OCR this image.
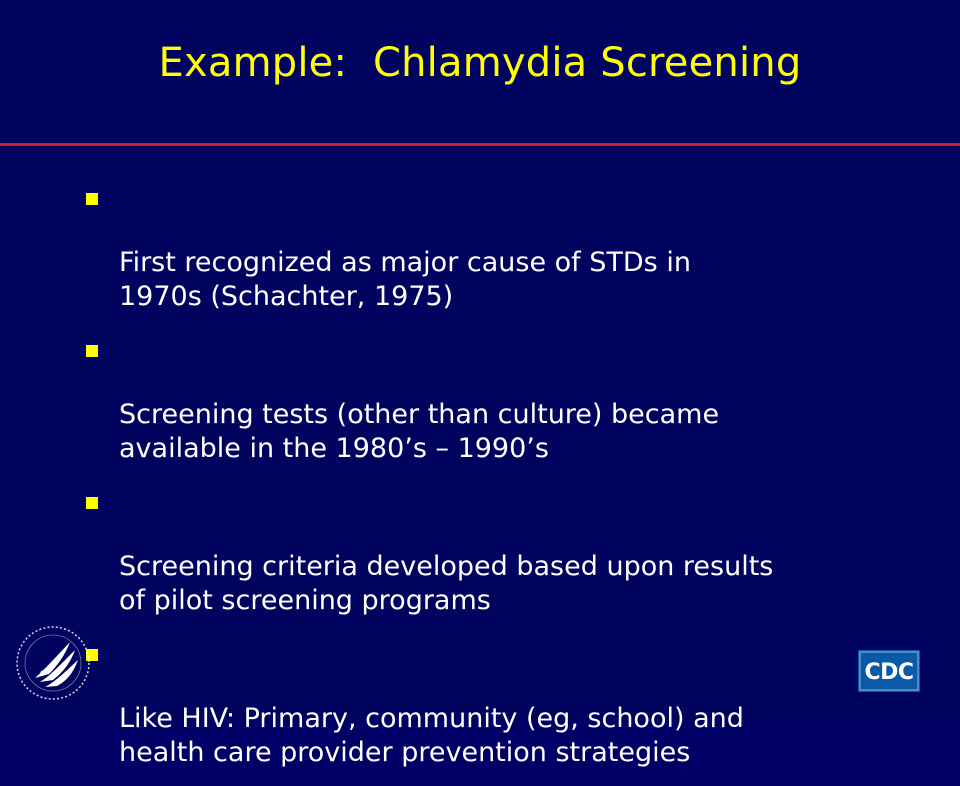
Example:  Chlamydia Screening

First recognized as major cause of STDs in
1970s (Schachter, 1975)

Screening tests (other than culture) became
available in the 1980’s – 1990’s

Screening criteria developed based upon results
of pilot screening programs

Like HIV: Primary, community (eg, school) and
health care provider prevention strategies

CDC
